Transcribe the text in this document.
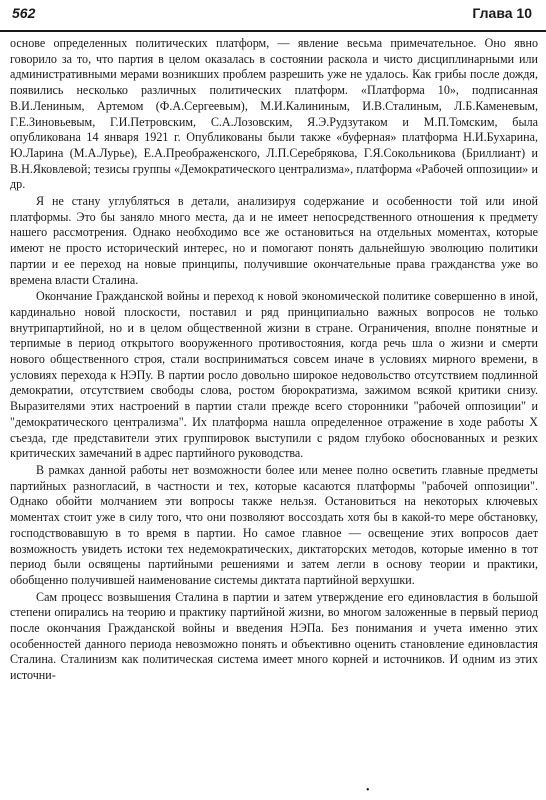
562	Глава 10

основе определенных политических платформ, — явление весьма примечательное. Оно явно говорило за то, что партия в целом оказалась в состоянии раскола и чисто дисциплинарными или административными мерами возникших проблем разрешить уже не удалось. Как грибы после дождя, появились несколько различных политических платформ. «Платформа 10», подписанная В.И.Лениным, Артемом (Ф.А.Сергеевым), М.И.Калининым, И.В.Сталиным, Л.Б.Каменевым, Г.Е.Зиновьевым, Г.И.Петровским, С.А.Лозовским, Я.Э.Рудзутаком и М.П.Томским, была опубликована 14 января 1921 г. Опубликованы были также «буферная» платформа Н.И.Бухарина, Ю.Ларина (М.А.Лурье), Е.А.Преображенского, Л.П.Серебрякова, Г.Я.Сокольникова (Бриллиант) и В.Н.Яковлевой; тезисы группы «Демократического централизма», платформа «Рабочей оппозиции» и др.

Я не стану углубляться в детали, анализируя содержание и особенности той или иной платформы. Это бы заняло много места, да и не имеет непосредственного отношения к предмету нашего рассмотрения. Однако необходимо все же остановиться на отдельных моментах, которые имеют не просто исторический интерес, но и помогают понять дальнейшую эволюцию политики партии и ее переход на новые принципы, получившие окончательные права гражданства уже во времена власти Сталина.

Окончание Гражданской войны и переход к новой экономической политике совершенно в иной, кардинально новой плоскости, поставил и ряд принципиально важных вопросов не только внутрипартийной, но и в целом общественной жизни в стране. Ограничения, вполне понятные и терпимые в период открытого вооруженного противостояния, когда речь шла о жизни и смерти нового общественного строя, стали восприниматься совсем иначе в условиях мирного времени, в условиях перехода к НЭПу. В партии росло довольно широкое недовольство отсутствием подлинной демократии, отсутствием свободы слова, ростом бюрократизма, зажимом всякой критики снизу. Выразителями этих настроений в партии стали прежде всего сторонники "рабочей оппозиции" и "демократического централизма". Их платформа нашла определенное отражение в ходе работы X съезда, где представители этих группировок выступили с рядом глубоко обоснованных и резких критических замечаний в адрес партийного руководства.

В рамках данной работы нет возможности более или менее полно осветить главные предметы партийных разногласий, в частности и тех, которые касаются платформы "рабочей оппозиции". Однако обойти молчанием эти вопросы также нельзя. Остановиться на некоторых ключевых моментах стоит уже в силу того, что они позволяют воссоздать хотя бы в какой-то мере обстановку, господствовавшую в то время в партии. Но самое главное — освещение этих вопросов дает возможность увидеть истоки тех недемократических, диктаторских методов, которые именно в тот период были освящены партийными решениями и затем легли в основу теории и практики, обобщенно получившей наименование системы диктата партийной верхушки.

Сам процесс возвышения Сталина в партии и затем утверждение его единовластия в большой степени опирались на теорию и практику партийной жизни, во многом заложенные в первый период после окончания Гражданской войны и введения НЭПа. Без понимания и учета именно этих особенностей данного периода невозможно понять и объективно оценить становление единовластия Сталина. Сталинизм как политическая система имеет много корней и источников. И одним из этих источни-

•
